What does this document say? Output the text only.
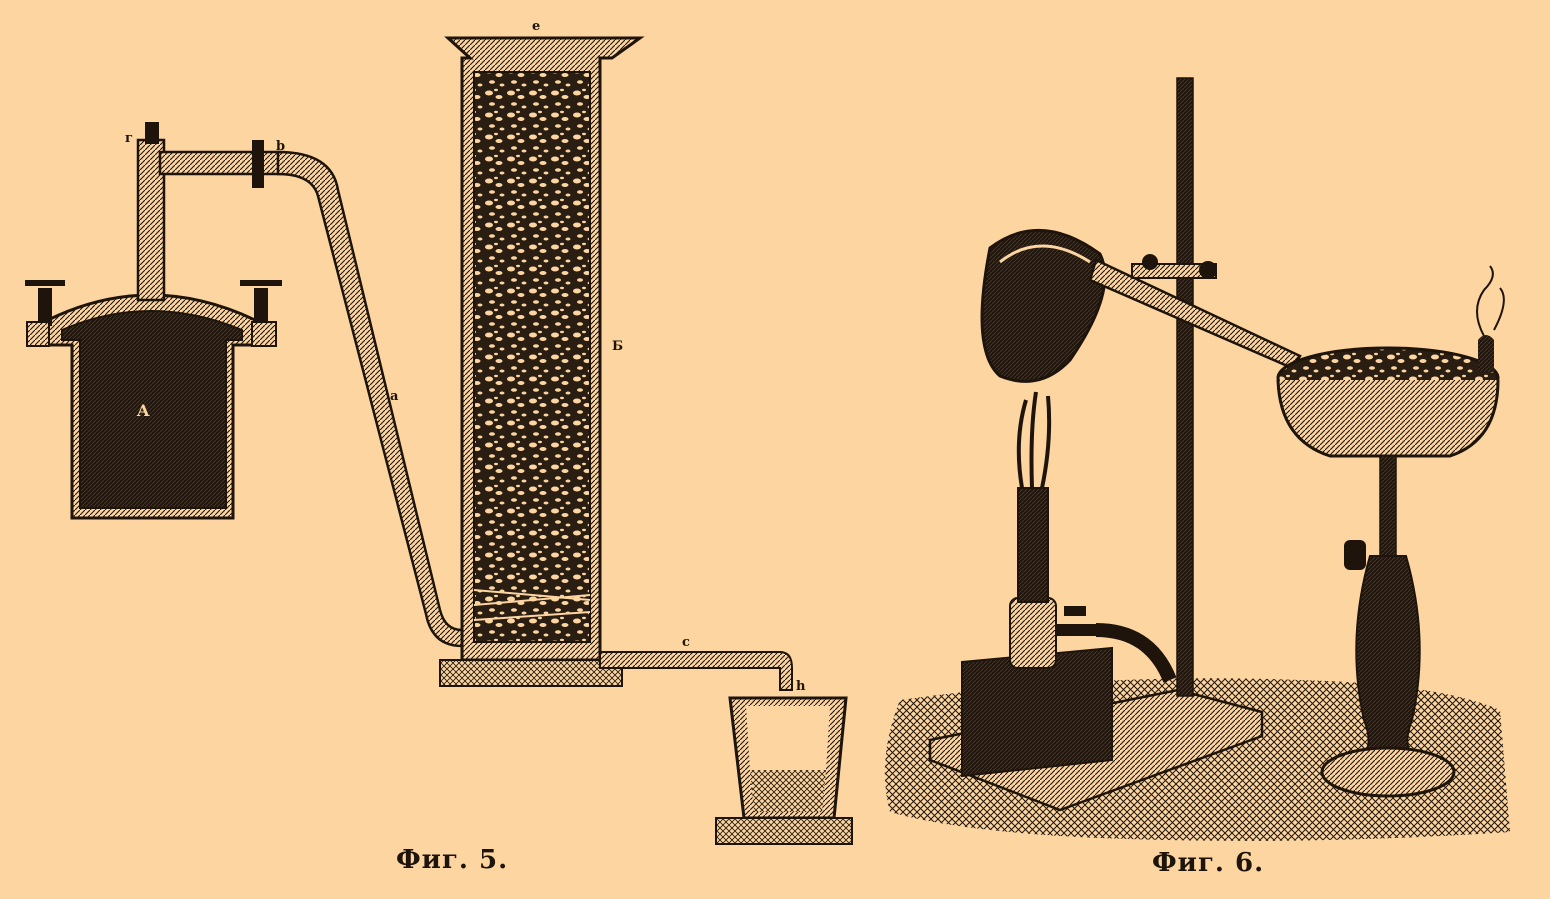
A
г
b
a
e
Б
c
h
Фиг. 5.	Фиг. 6.
